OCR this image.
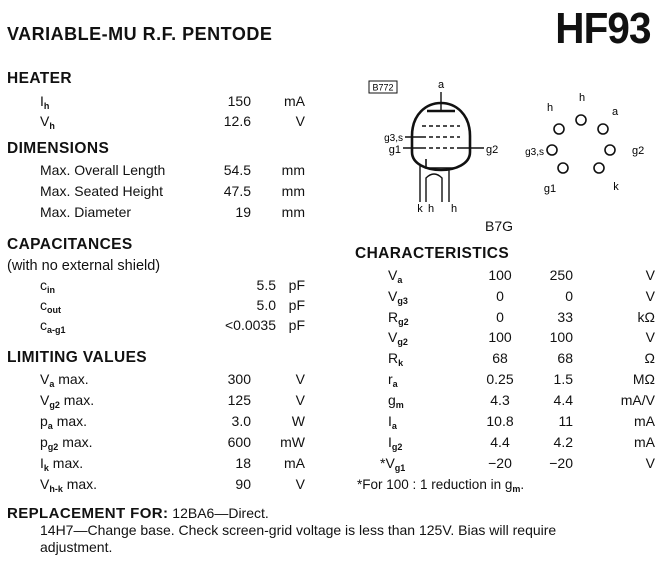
VARIABLE-MU R.F. PENTODE	HF93
HEATER
$I_h$	150	mA
$V_h$	12.6	V
DIMENSIONS
Max. Overall Length	54.5	mm
Max. Seated Height	47.5	mm
Max. Diameter	19	mm
CAPACITANCES
(with no external shield)
$c_{in}$	5.5 pF
$c_{out}$	5.0 pF
$c_{a-g1}$	<0.0035 pF
LIMITING VALUES
$V_a$ max.	300	V
$V_{g2}$ max.	125	V
$p_a$ max.	3.0	W
$p_{g2}$ max.	600	mW
$I_k$ max.	18	mA
$V_{h-k}$ max.	90	V
B772	a
g3,s
g1	g2
k h h
h
h
a
g3,s	g2
g1	k
B7G
CHARACTERISTICS
$V_a$	100	250	V
$V_{g3}$	0	0	V
$R_{g2}$	0	33	kΩ
$V_{g2}$	100	100	V
$R_k$	68	68	Ω
$r_a$	0.25	1.5	MΩ
$g_m$	4.3	4.4	mA/V
$I_a$	10.8	11	mA
$I_{g2}$	4.4	4.2	mA
$*V_{g1}$	−20	−20	V
*For 100 : 1 reduction in $g_m$.
REPLACEMENT FOR: 12BA6—Direct.
14H7—Change base. Check screen-grid voltage is less than 125V. Bias will require
adjustment.
